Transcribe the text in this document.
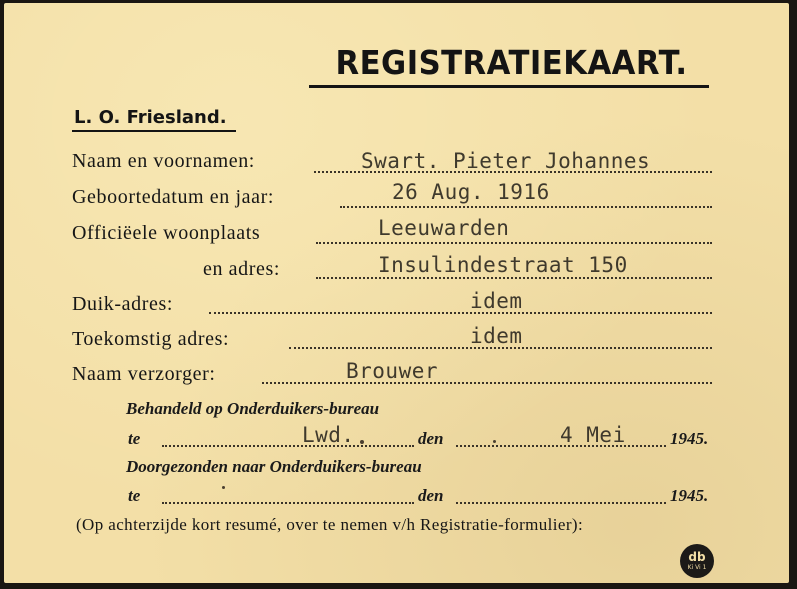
REGISTRATIEKAART.
L. O. Friesland.
Naam en voornamen:	Swart. Pieter Johannes
Geboortedatum en jaar:	26 Aug. 1916
Officiëele woonplaats	Leeuwarden
en adres:	Insulindestraat 150
Duik-adres:	idem
Toekomstig adres:	idem
Naam verzorger:	Brouwer
Behandeld op Onderduikers-bureau
te	Lwd.	den	4 Mei	1945.
Doorgezonden naar Onderduikers-bureau
te	den	1945.
(Op achterzijde kort resumé, over te nemen v/h Registratie-formulier):
db
Ki Vi 1
